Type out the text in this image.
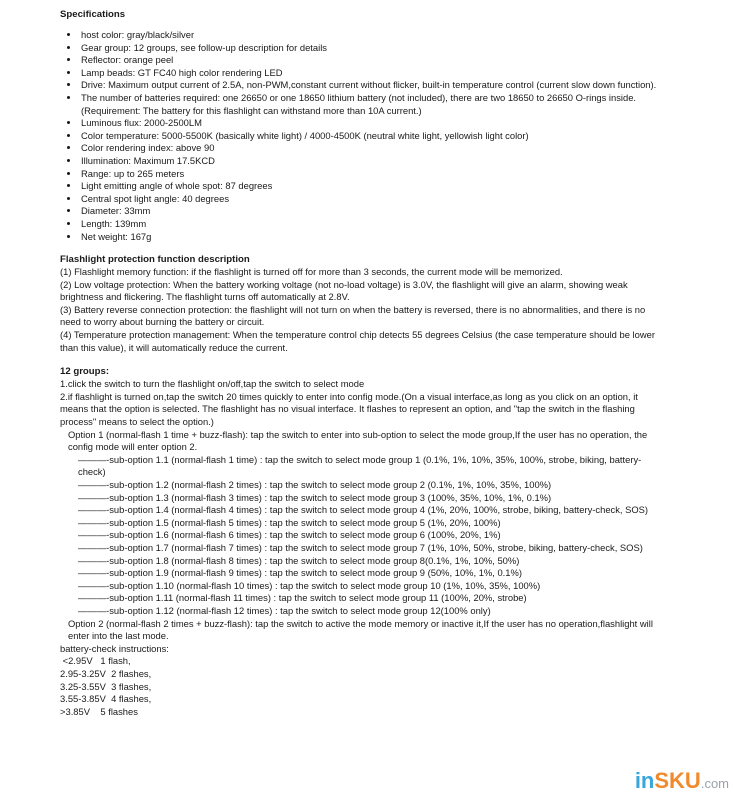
Specifications
• host color: gray/black/silver
• Gear group: 12 groups, see follow-up description for details
• Reflector: orange peel
• Lamp beads: GT FC40 high color rendering LED
• Drive: Maximum output current of 2.5A, non-PWM,constant current without flicker, built-in temperature control (current slow down function).
• The number of batteries required: one 26650 or one 18650 lithium battery (not included), there are two 18650 to 26650 O-rings inside. (Requirement: The battery for this flashlight can withstand more than 10A current.)
• Luminous flux: 2000-2500LM
• Color temperature: 5000-5500K (basically white light) / 4000-4500K (neutral white light, yellowish light color)
• Color rendering index: above 90
• Illumination: Maximum 17.5KCD
• Range: up to 265 meters
• Light emitting angle of whole spot: 87 degrees
• Central spot light angle: 40 degrees
• Diameter: 33mm
• Length: 139mm
• Net weight: 167g
Flashlight protection function description

(1) Flashlight memory function: if the flashlight is turned off for more than 3 seconds, the current mode will be memorized.

(2) Low voltage protection: When the battery working voltage (not no-load voltage) is 3.0V, the flashlight will give an alarm, showing weak brightness and flickering. The flashlight turns off automatically at 2.8V.

(3) Battery reverse connection protection: the flashlight will not turn on when the battery is reversed, there is no abnormalities, and there is no need to worry about burning the battery or circuit.

(4) Temperature protection management: When the temperature control chip detects 55 degrees Celsius (the case temperature should be lower than this value), it will automatically reduce the current.

12 groups:

1.click the switch to turn the flashlight on/off,tap the switch to select mode

2.if flashlight is turned on,tap the switch 20 times quickly to enter into config mode.(On a visual interface,as long as you click on an option, it means that the option is selected. The flashlight has no visual interface. It flashes to represent an option, and "tap the switch in the flashing process" means to select the option.)

Option 1 (normal-flash 1 time + buzz-flash): tap the switch to enter into sub-option to select the mode group,If the user has no operation, the config mode will enter option 2.

———-sub-option 1.1 (normal-flash 1 time) : tap the switch to select mode group 1 (0.1%, 1%, 10%, 35%, 100%, strobe, biking, battery-check)

———-sub-option 1.2 (normal-flash 2 times) : tap the switch to select mode group 2 (0.1%, 1%, 10%, 35%, 100%)

———-sub-option 1.3 (normal-flash 3 times) : tap the switch to select mode group 3 (100%, 35%, 10%, 1%, 0.1%)

———-sub-option 1.4 (normal-flash 4 times) : tap the switch to select mode group 4 (1%, 20%, 100%, strobe, biking, battery-check, SOS)

———-sub-option 1.5 (normal-flash 5 times) : tap the switch to select mode group 5 (1%, 20%, 100%)

———-sub-option 1.6 (normal-flash 6 times) : tap the switch to select mode group 6 (100%, 20%, 1%)

———-sub-option 1.7 (normal-flash 7 times) : tap the switch to select mode group 7 (1%, 10%, 50%, strobe, biking, battery-check, SOS)

———-sub-option 1.8 (normal-flash 8 times) : tap the switch to select mode group 8(0.1%, 1%, 10%, 50%)

———-sub-option 1.9 (normal-flash 9 times) : tap the switch to select mode group 9 (50%, 10%, 1%, 0.1%)

———-sub-option 1.10 (normal-flash 10 times) : tap the switch to select mode group 10 (1%, 10%, 35%, 100%)

———-sub-option 1.11 (normal-flash 11 times) : tap the switch to select mode group 11 (100%, 20%, strobe)

———-sub-option 1.12 (normal-flash 12 times) : tap the switch to select mode group 12(100% only)

Option 2 (normal-flash 2 times + buzz-flash): tap the switch to active the mode memory or inactive it,If the user has no operation,flashlight will enter into the last mode.

battery-check instructions:

<2.95V   1 flash,

2.95-3.25V  2 flashes,

3.25-3.55V  3 flashes,

3.55-3.85V  4 flashes,

>3.85V    5 flashes

inSKU.com
